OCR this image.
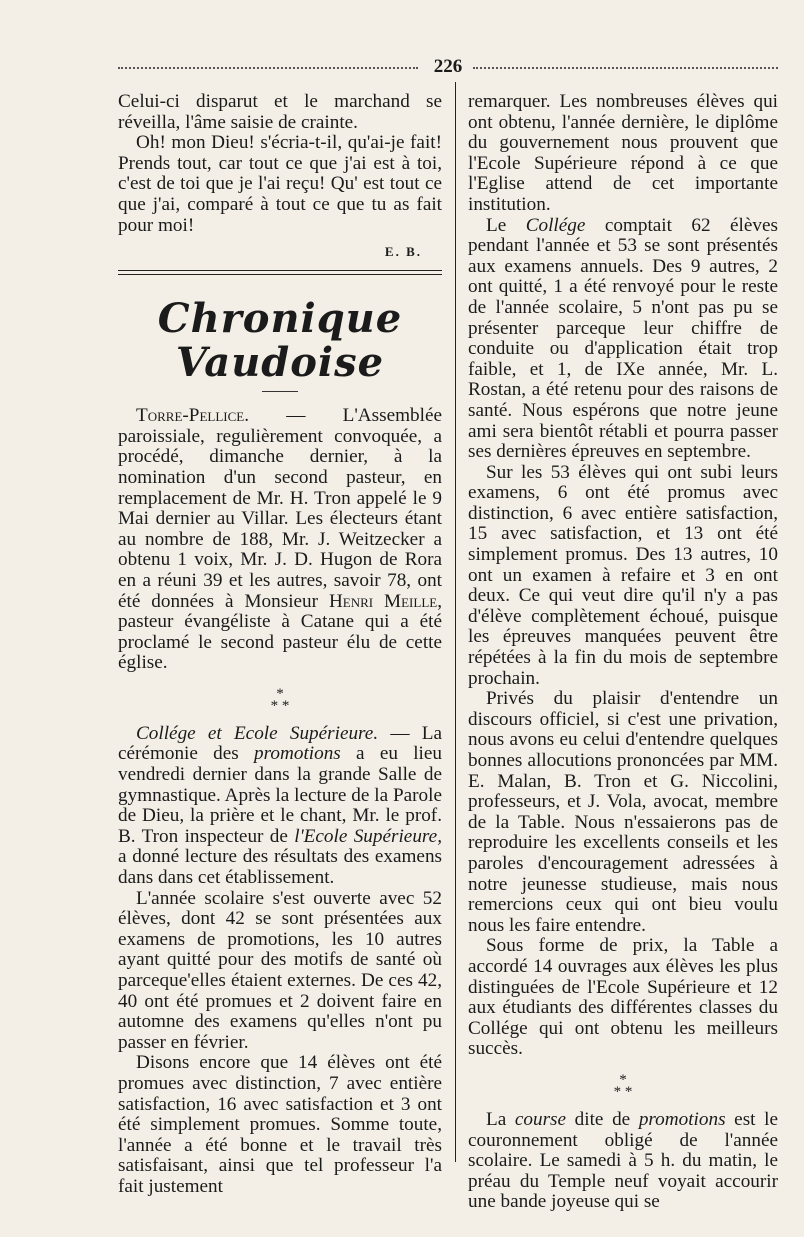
226

Celui-ci disparut et le marchand se réveilla, l'âme saisie de crainte.

Oh! mon Dieu! s'écria-t-il, qu'ai-je fait! Prends tout, car tout ce que j'ai est à toi, c'est de toi que je l'ai reçu! Qu' est tout ce que j'ai, comparé à tout ce que tu as fait pour moi!

E. B.
Chronique Vaudoise

Torre-Pellice. — L'Assemblée paroissiale, regulièrement convoquée, a procédé, dimanche dernier, à la nomination d'un second pasteur, en remplacement de Mr. H. Tron appelé le 9 Mai dernier au Villar. Les électeurs étant au nombre de 188, Mr. J. Weitzecker a obtenu 1 voix, Mr. J. D. Hugon de Rora en a réuni 39 et les autres, savoir 78, ont été données à Monsieur Henri Meille, pasteur évangéliste à Catane qui a été proclamé le second pasteur élu de cette église.

*
* *

Collége et Ecole Supérieure. — La cérémonie des promotions a eu lieu vendredi dernier dans la grande Salle de gymnastique. Après la lecture de la Parole de Dieu, la prière et le chant, Mr. le prof. B. Tron inspecteur de l'Ecole Supérieure, a donné lecture des résultats des examens dans dans cet établissement.

L'année scolaire s'est ouverte avec 52 élèves, dont 42 se sont présentées aux examens de promotions, les 10 autres ayant quitté pour des motifs de santé où parceque'elles étaient externes. De ces 42, 40 ont été promues et 2 doivent faire en automne des examens qu'elles n'ont pu passer en février.

Disons encore que 14 élèves ont été promues avec distinction, 7 avec entière satisfaction, 16 avec satisfaction et 3 ont été simplement promues. Somme toute, l'année a été bonne et le travail très satisfaisant, ainsi que tel professeur l'a fait justement

remarquer. Les nombreuses élèves qui ont obtenu, l'année dernière, le diplôme du gouvernement nous prouvent que l'Ecole Supérieure répond à ce que l'Eglise attend de cet importante institution.

Le Collége comptait 62 élèves pendant l'année et 53 se sont présentés aux examens annuels. Des 9 autres, 2 ont quitté, 1 a été renvoyé pour le reste de l'année scolaire, 5 n'ont pas pu se présenter parceque leur chiffre de conduite ou d'application était trop faible, et 1, de IXe année, Mr. L. Rostan, a été retenu pour des raisons de santé. Nous espérons que notre jeune ami sera bientôt rétabli et pourra passer ses dernières épreuves en septembre.

Sur les 53 élèves qui ont subi leurs examens, 6 ont été promus avec distinction, 6 avec entière satisfaction, 15 avec satisfaction, et 13 ont été simplement promus. Des 13 autres, 10 ont un examen à refaire et 3 en ont deux. Ce qui veut dire qu'il n'y a pas d'élève complètement échoué, puisque les épreuves manquées peuvent être répétées à la fin du mois de septembre prochain.

Privés du plaisir d'entendre un discours officiel, si c'est une privation, nous avons eu celui d'entendre quelques bonnes allocutions prononcées par MM. E. Malan, B. Tron et G. Niccolini, professeurs, et J. Vola, avocat, membre de la Table. Nous n'essaierons pas de reproduire les excellents conseils et les paroles d'encouragement adressées à notre jeunesse studieuse, mais nous remercions ceux qui ont bieu voulu nous les faire entendre.

Sous forme de prix, la Table a accordé 14 ouvrages aux élèves les plus distinguées de l'Ecole Supérieure et 12 aux étudiants des différentes classes du Collége qui ont obtenu les meilleurs succès.

*
* *

La course dite de promotions est le couronnement obligé de l'année scolaire. Le samedi à 5 h. du matin, le préau du Temple neuf voyait accourir une bande joyeuse qui se
